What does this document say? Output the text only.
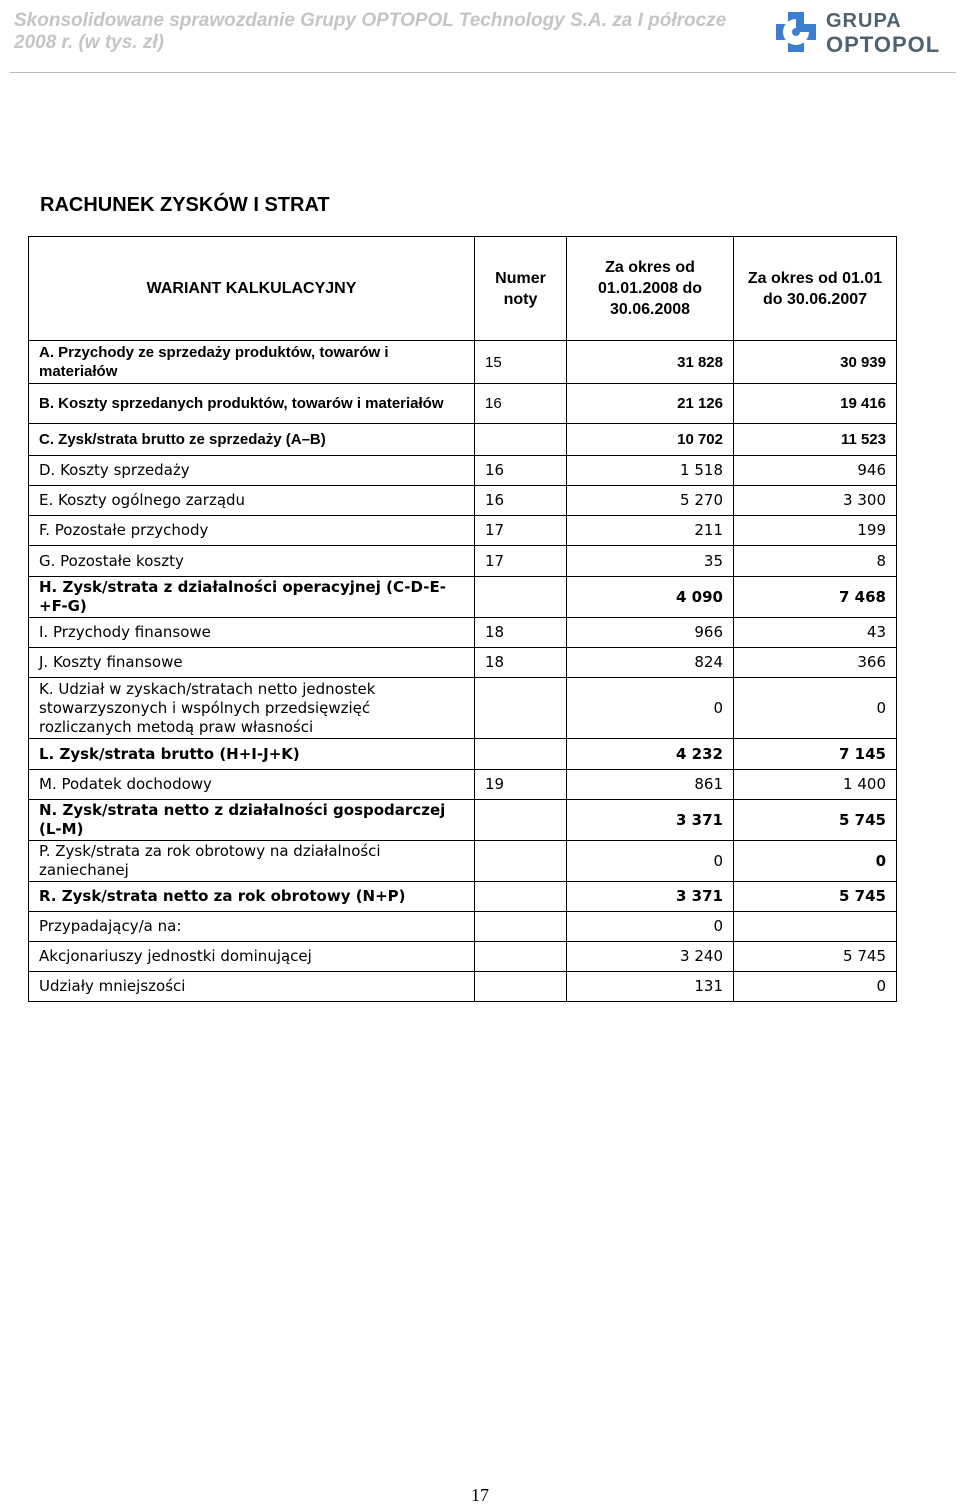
Skonsolidowane sprawozdanie Grupy OPTOPOL Technology S.A. za I półrocze 2008 r. (w tys. zł)

GRUPA
OPTOPOL
RACHUNEK ZYSKÓW I STRAT
WARIANT KALKULACYJNY	Numer noty	Za okres od 01.01.2008 do 30.06.2008	Za okres od 01.01 do 30.06.2007
A. Przychody ze sprzedaży produktów, towarów i materiałów	15	31 828	30 939
B. Koszty sprzedanych produktów, towarów i materiałów	16	21 126	19 416
C. Zysk/strata brutto ze sprzedaży (A–B)		10 702	11 523
D. Koszty sprzedaży	16	1 518	946
E. Koszty ogólnego zarządu	16	5 270	3 300
F. Pozostałe przychody	17	211	199
G. Pozostałe koszty	17	35	8
H. Zysk/strata z działalności operacyjnej (C-D-E-+F-G)		4 090	7 468
I. Przychody finansowe	18	966	43
J. Koszty finansowe	18	824	366
K. Udział w zyskach/stratach netto jednostek stowarzyszonych i wspólnych przedsięwzięć rozliczanych metodą praw własności		0	0
L. Zysk/strata brutto (H+I-J+K)		4 232	7 145
M. Podatek dochodowy	19	861	1 400
N. Zysk/strata netto z działalności gospodarczej (L-M)		3 371	5 745
P. Zysk/strata za rok obrotowy na działalności zaniechanej		0	0
R. Zysk/strata netto za rok obrotowy (N+P)		3 371	5 745
Przypadający/a na:		0	
Akcjonariuszy jednostki dominującej		3 240	5 745
Udziały mniejszości		131	0
17
